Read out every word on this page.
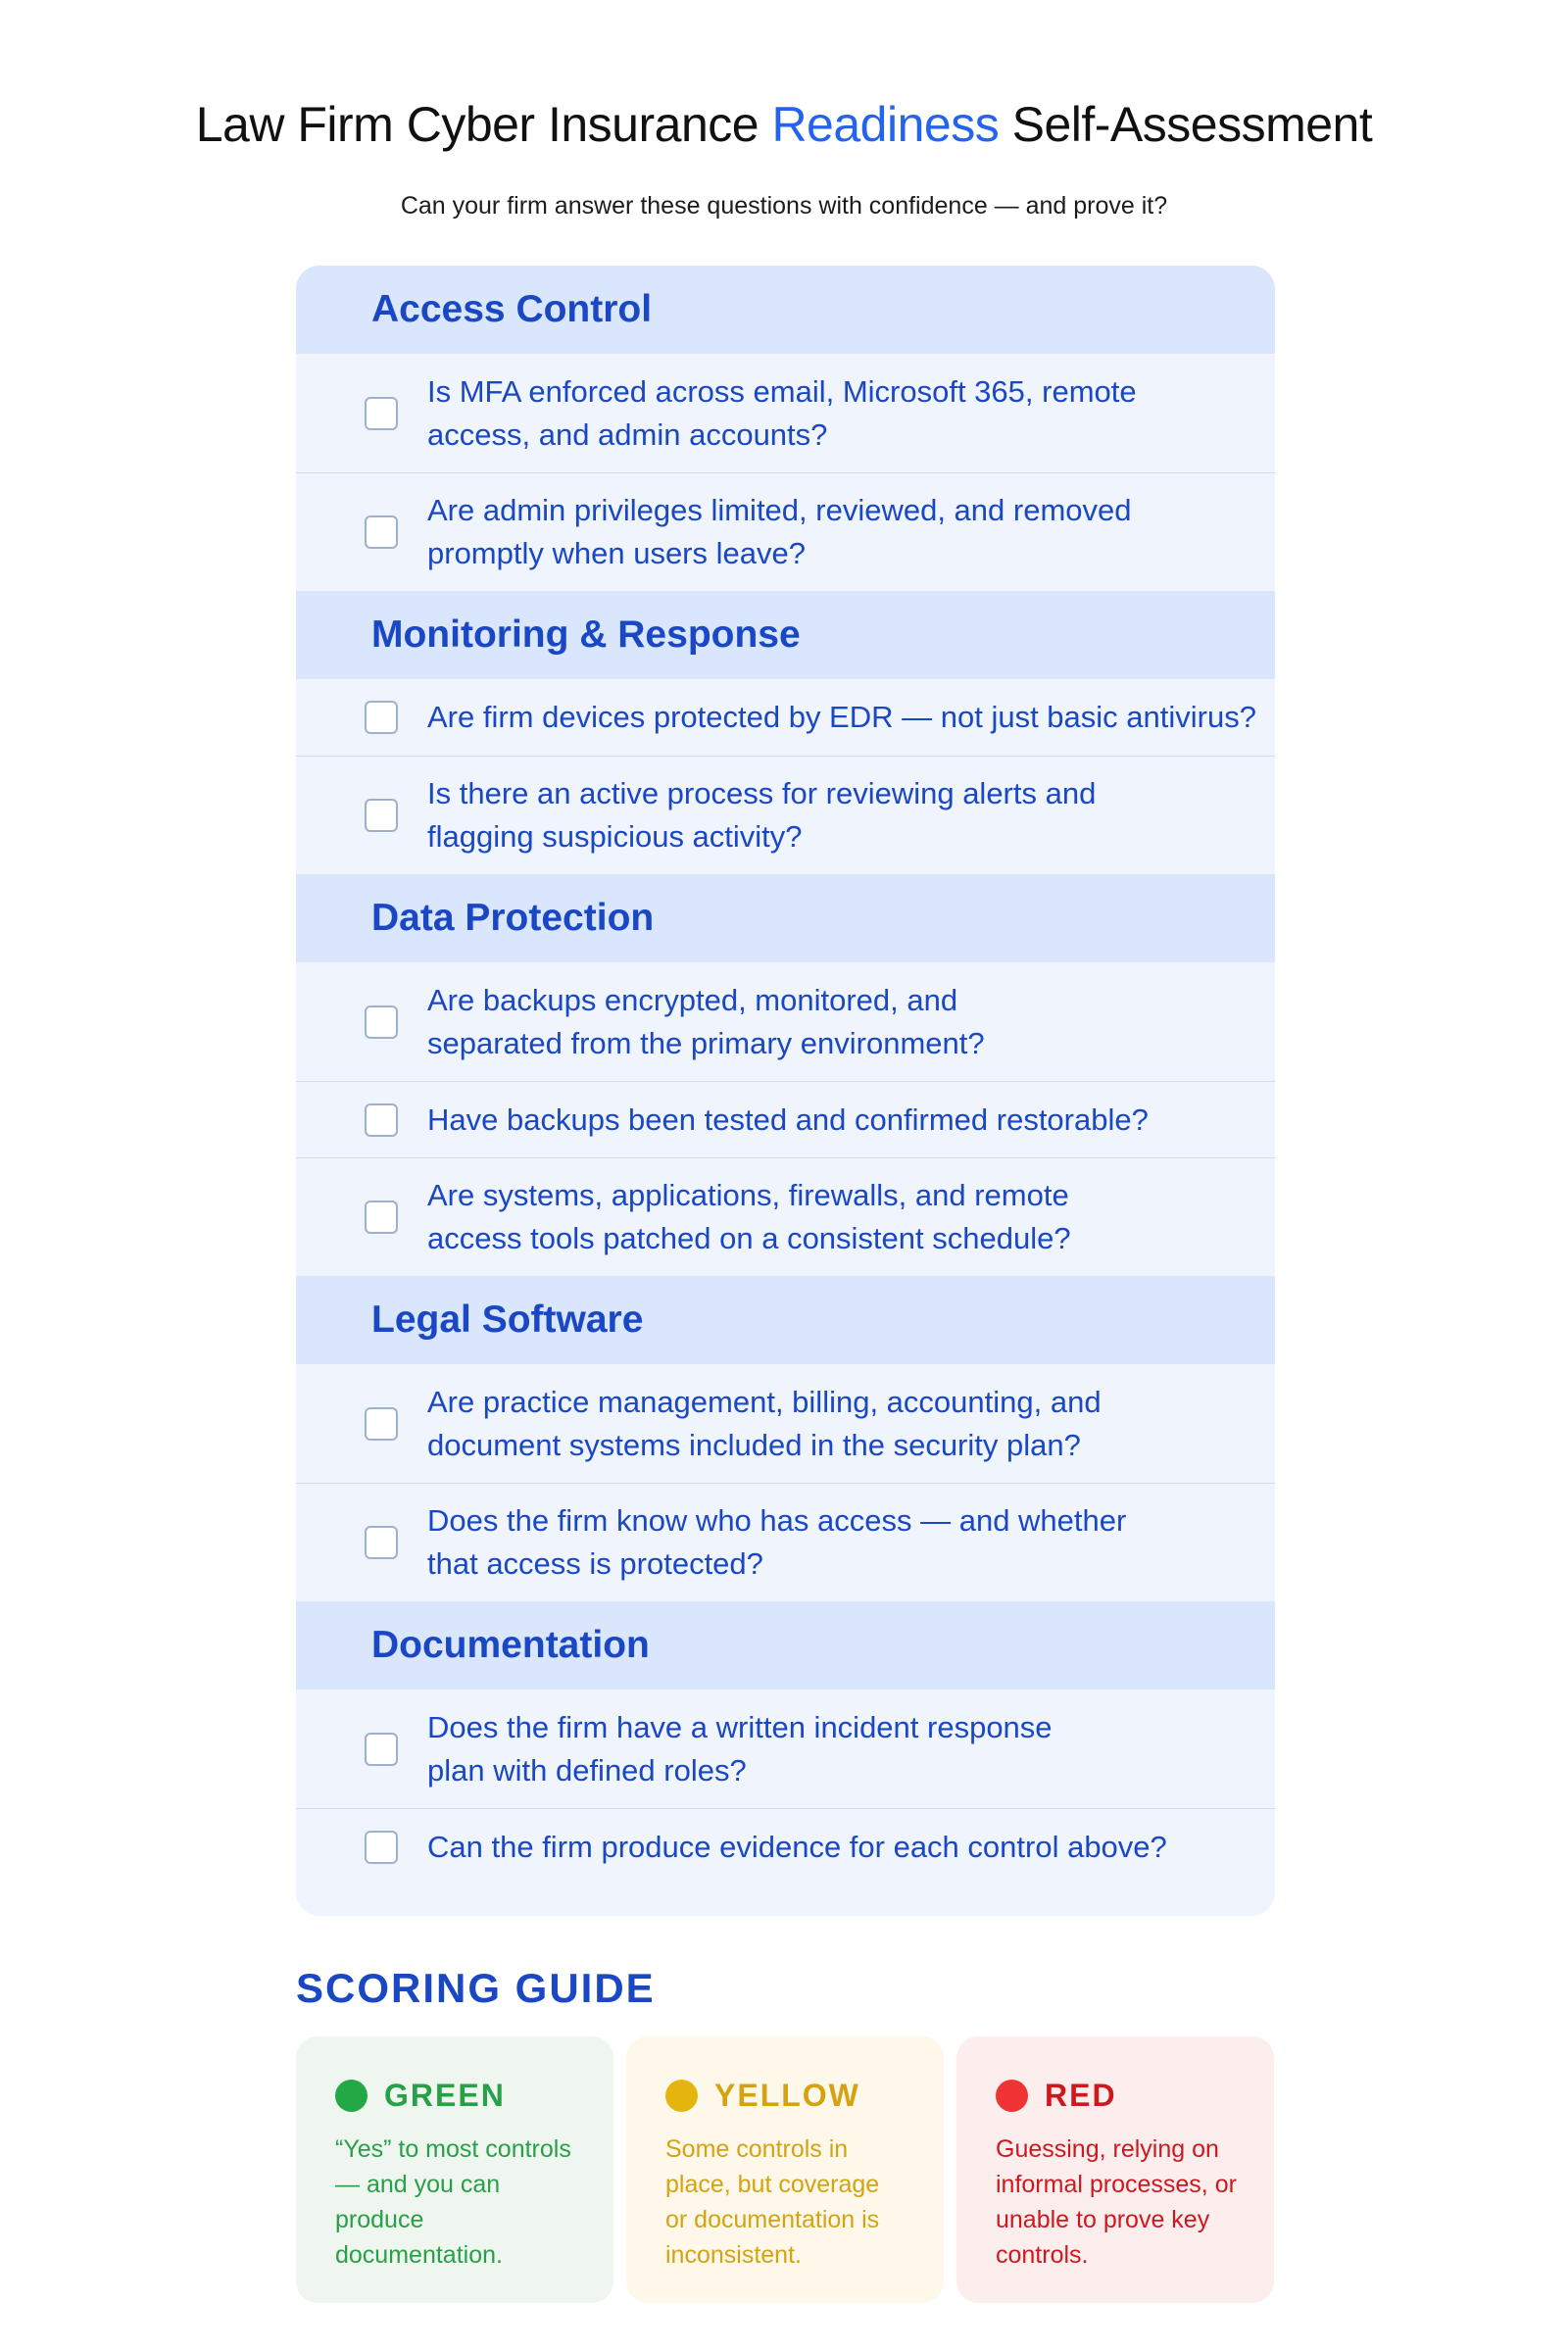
Law Firm Cyber Insurance Readiness Self-Assessment
Can your firm answer these questions with confidence — and prove it?
Access Control
Is MFA enforced across email, Microsoft 365, remote
access, and admin accounts?
Are admin privileges limited, reviewed, and removed
promptly when users leave?
Monitoring & Response
Are firm devices protected by EDR — not just basic antivirus?
Is there an active process for reviewing alerts and
flagging suspicious activity?
Data Protection
Are backups encrypted, monitored, and
separated from the primary environment?
Have backups been tested and confirmed restorable?
Are systems, applications, firewalls, and remote
access tools patched on a consistent schedule?
Legal Software
Are practice management, billing, accounting, and
document systems included in the security plan?
Does the firm know who has access — and whether
that access is protected?
Documentation
Does the firm have a written incident response
plan with defined roles?
Can the firm produce evidence for each control above?
SCORING GUIDE
GREEN
“Yes” to most controls — and you can produce documentation.
YELLOW
Some controls in place, but coverage or documentation is inconsistent.
RED
Guessing, relying on informal processes, or unable to prove key controls.
